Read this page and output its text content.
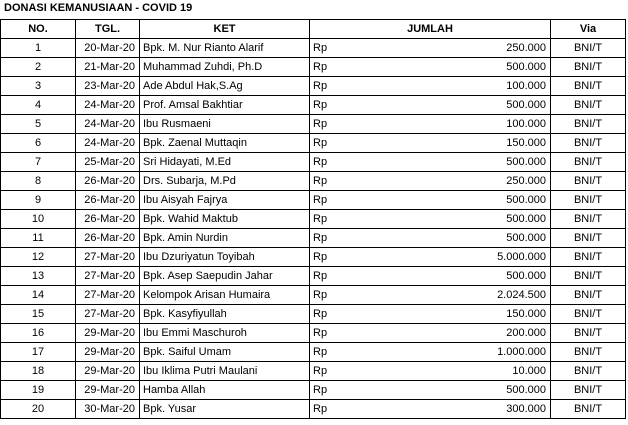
DONASI KEMANUSIAAN - COVID 19
NO.	TGL.	KET	JUMLAH		Via
1	20-Mar-20	Bpk. M. Nur Rianto Alarif	Rp	250.000	BNI/T
2	21-Mar-20	Muhammad Zuhdi, Ph.D	Rp	500.000	BNI/T
3	23-Mar-20	Ade Abdul Hak,S.Ag	Rp	100.000	BNI/T
4	24-Mar-20	Prof. Amsal Bakhtiar	Rp	500.000	BNI/T
5	24-Mar-20	Ibu Rusmaeni	Rp	100.000	BNI/T
6	24-Mar-20	Bpk. Zaenal Muttaqin	Rp	150.000	BNI/T
7	25-Mar-20	Sri Hidayati, M.Ed	Rp	500.000	BNI/T
8	26-Mar-20	Drs. Subarja, M.Pd	Rp	250.000	BNI/T
9	26-Mar-20	Ibu Aisyah Fajrya	Rp	500.000	BNI/T
10	26-Mar-20	Bpk. Wahid Maktub	Rp	500.000	BNI/T
11	26-Mar-20	Bpk. Amin Nurdin	Rp	500.000	BNI/T
12	27-Mar-20	Ibu Dzuriyatun Toyibah	Rp	5.000.000	BNI/T
13	27-Mar-20	Bpk. Asep Saepudin Jahar	Rp	500.000	BNI/T
14	27-Mar-20	Kelompok Arisan Humaira	Rp	2.024.500	BNI/T
15	27-Mar-20	Bpk. Kasyfiyullah	Rp	150.000	BNI/T
16	29-Mar-20	Ibu Emmi Maschuroh	Rp	200.000	BNI/T
17	29-Mar-20	Bpk. Saiful Umam	Rp	1.000.000	BNI/T
18	29-Mar-20	Ibu Iklima Putri Maulani	Rp	10.000	BNI/T
19	29-Mar-20	Hamba Allah	Rp	500.000	BNI/T
20	30-Mar-20	Bpk. Yusar	Rp	300.000	BNI/T
